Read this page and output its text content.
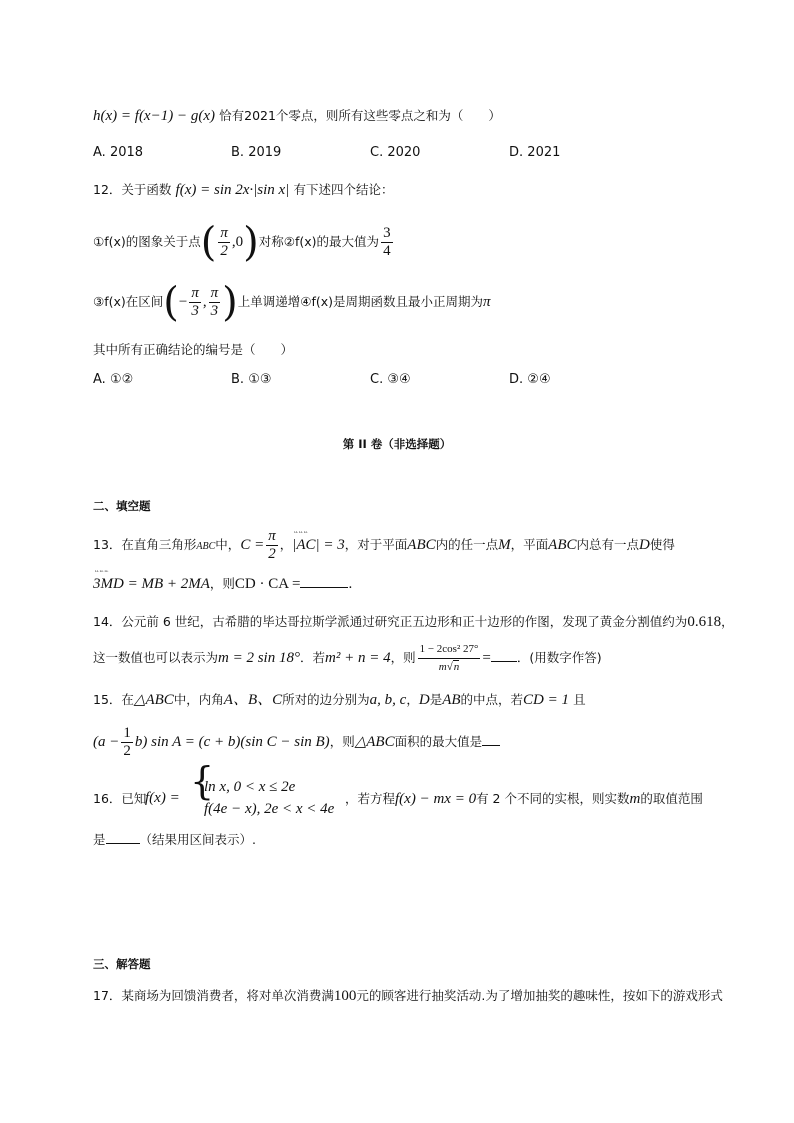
h(x) = f(x−1) − g(x) 恰有2021个零点，则所有这些零点之和为（　　）
A. 2018	B. 2019	C. 2020	D. 2021
12．关于函数 f(x) = sin 2x·|sin x| 有下述四个结论：
①f(x)的图象关于点( $\frac{\pi}{2} ,0$)对称②f(x)的最大值为 $\frac{3}{4}$
③f(x)在区间(− $\frac{\pi}{3}$ , $\frac{\pi}{3}$ )上单调递增④f(x)是周期函数且最小正周期为π
其中所有正确结论的编号是（　　）
A. ①②	B. ①③	C. ③④	D. ②④
第 II 卷（非选择题）
二、填空题
13．在直角三角形ABC中，$C = \frac{\pi}{2}$ ，ᄔᄔᄔ |AC| = 3，对于平面ABC内的任一点M，平面ABC内总有一点D使得
ᄔᄔᄔ 3MD = MB + 2MA，则CD · CA =	.
14．公元前 6 世纪，古希腊的毕达哥拉斯学派通过研究正五边形和正十边形的作图，发现了黄金分割值约为0.618，
这一数值也可以表示为m = 2 sin 18°．若m² + n = 4，则 $\frac{\text{1 − 2cos² 27°}}{m√n}$ = ．(用数字作答)
15．在△ABC中，内角A、B、C所对的边分别为a, b, c，D是AB的中点，若CD = 1 且
$(a - \frac{1}{2} b)$ sin A = (c + b)(sin C − sin B)，则△ABC面积的最大值是
16．已知
f(x) = {
ln x, 0 < x ≤ 2e
f(4e − x), 2e < x < 4e
，若方程f(x) − mx = 0有 2 个不同的实根，则实数m的取值范围
是	（结果用区间表示）.
三、解答题
17．某商场为回馈消费者，将对单次消费满100元的顾客进行抽奖活动.为了增加抽奖的趣味性，按如下的游戏形式
